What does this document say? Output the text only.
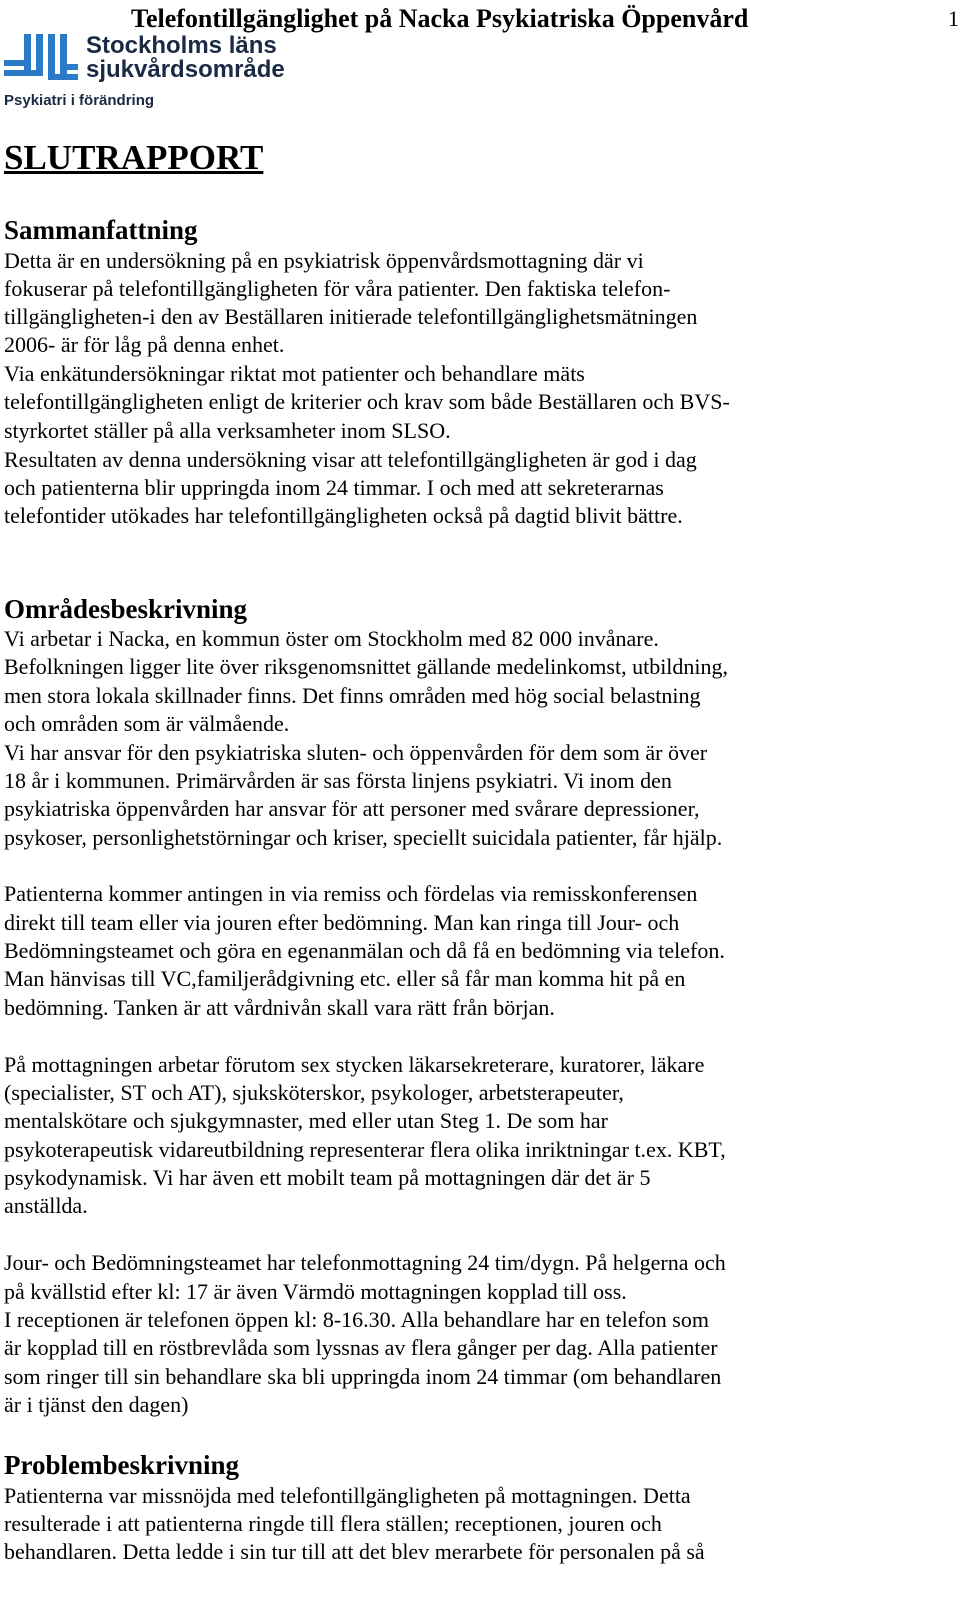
Telefontillgänglighet på Nacka Psykiatriska Öppenvård	1
Stockholms läns
sjukvårdsområde
Psykiatri i förändring
SLUTRAPPORT
Sammanfattning

Detta är en undersökning på en psykiatrisk öppenvårdsmottagning där vi

fokuserar på telefontillgängligheten för våra patienter. Den faktiska telefon-

tillgängligheten-i den av Beställaren initierade telefontillgänglighetsmätningen

2006- är för låg på denna enhet.

Via enkätundersökningar riktat mot patienter och behandlare mäts

telefontillgängligheten enligt de kriterier och krav som både Beställaren och BVS-

styrkortet ställer på alla verksamheter inom SLSO.

Resultaten av denna undersökning visar att telefontillgängligheten är god i dag

och patienterna blir uppringda inom 24 timmar. I och med att sekreterarnas

telefontider utökades har telefontillgängligheten också på dagtid blivit bättre.

Områdesbeskrivning

Vi arbetar i Nacka, en kommun öster om Stockholm med 82 000 invånare.

Befolkningen ligger lite över riksgenomsnittet gällande medelinkomst, utbildning,

men stora lokala skillnader finns. Det finns områden med hög social belastning

och områden som är välmående.

Vi har ansvar för den psykiatriska sluten- och öppenvården för dem som är över

18 år i kommunen. Primärvården är sas första linjens psykiatri. Vi inom den

psykiatriska öppenvården har ansvar för att personer med svårare depressioner,

psykoser, personlighetstörningar och kriser, speciellt suicidala patienter, får hjälp.

Patienterna kommer antingen in via remiss och fördelas via remisskonferensen

direkt till team eller via jouren efter bedömning. Man kan ringa till Jour- och

Bedömningsteamet och göra en egenanmälan och då få en bedömning via telefon.

Man hänvisas till VC,familjerådgivning etc. eller så får man komma hit på en

bedömning. Tanken är att vårdnivån skall vara rätt från början.

På mottagningen arbetar förutom sex stycken läkarsekreterare, kuratorer, läkare

(specialister, ST och AT), sjuksköterskor, psykologer, arbetsterapeuter,

mentalskötare och sjukgymnaster, med eller utan Steg 1. De som har

psykoterapeutisk vidareutbildning representerar flera olika inriktningar t.ex. KBT,

psykodynamisk. Vi har även ett mobilt team på mottagningen där det är 5

anställda.

Jour- och Bedömningsteamet har telefonmottagning 24 tim/dygn. På helgerna och

på kvällstid efter kl: 17 är även Värmdö mottagningen kopplad till oss.

I receptionen är telefonen öppen kl: 8-16.30. Alla behandlare har en telefon som

är kopplad till en röstbrevlåda som lyssnas av flera gånger per dag. Alla patienter

som ringer till sin behandlare ska bli uppringda inom 24 timmar (om behandlaren

är i tjänst den dagen)

Problembeskrivning

Patienterna var missnöjda med telefontillgängligheten på mottagningen. Detta

resulterade i att patienterna ringde till flera ställen; receptionen, jouren och

behandlaren. Detta ledde i sin tur till att det blev merarbete för personalen på så
